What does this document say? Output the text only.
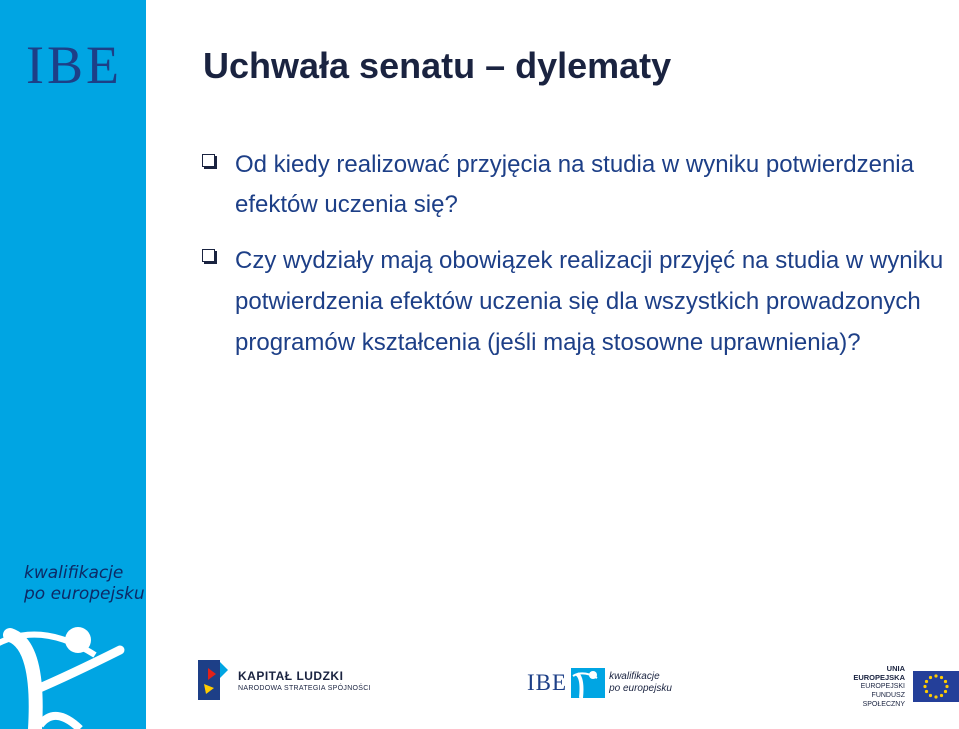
IBE
kwalifikacje
po europejsku
Uchwała senatu – dylematy
Od kiedy realizować przyjęcia na studia w wyniku potwierdzenia efektów uczenia się?
Czy wydziały mają obowiązek realizacji przyjęć na studia w wyniku potwierdzenia efektów uczenia się dla wszystkich prowadzonych programów kształcenia (jeśli mają stosowne uprawnienia)?
KAPITAŁ LUDZKI
NARODOWA STRATEGIA SPÓJNOŚCI	IBE	kwalifikacje
po europejsku
UNIA EUROPEJSKA
EUROPEJSKI
FUNDUSZ SPOŁECZNY
